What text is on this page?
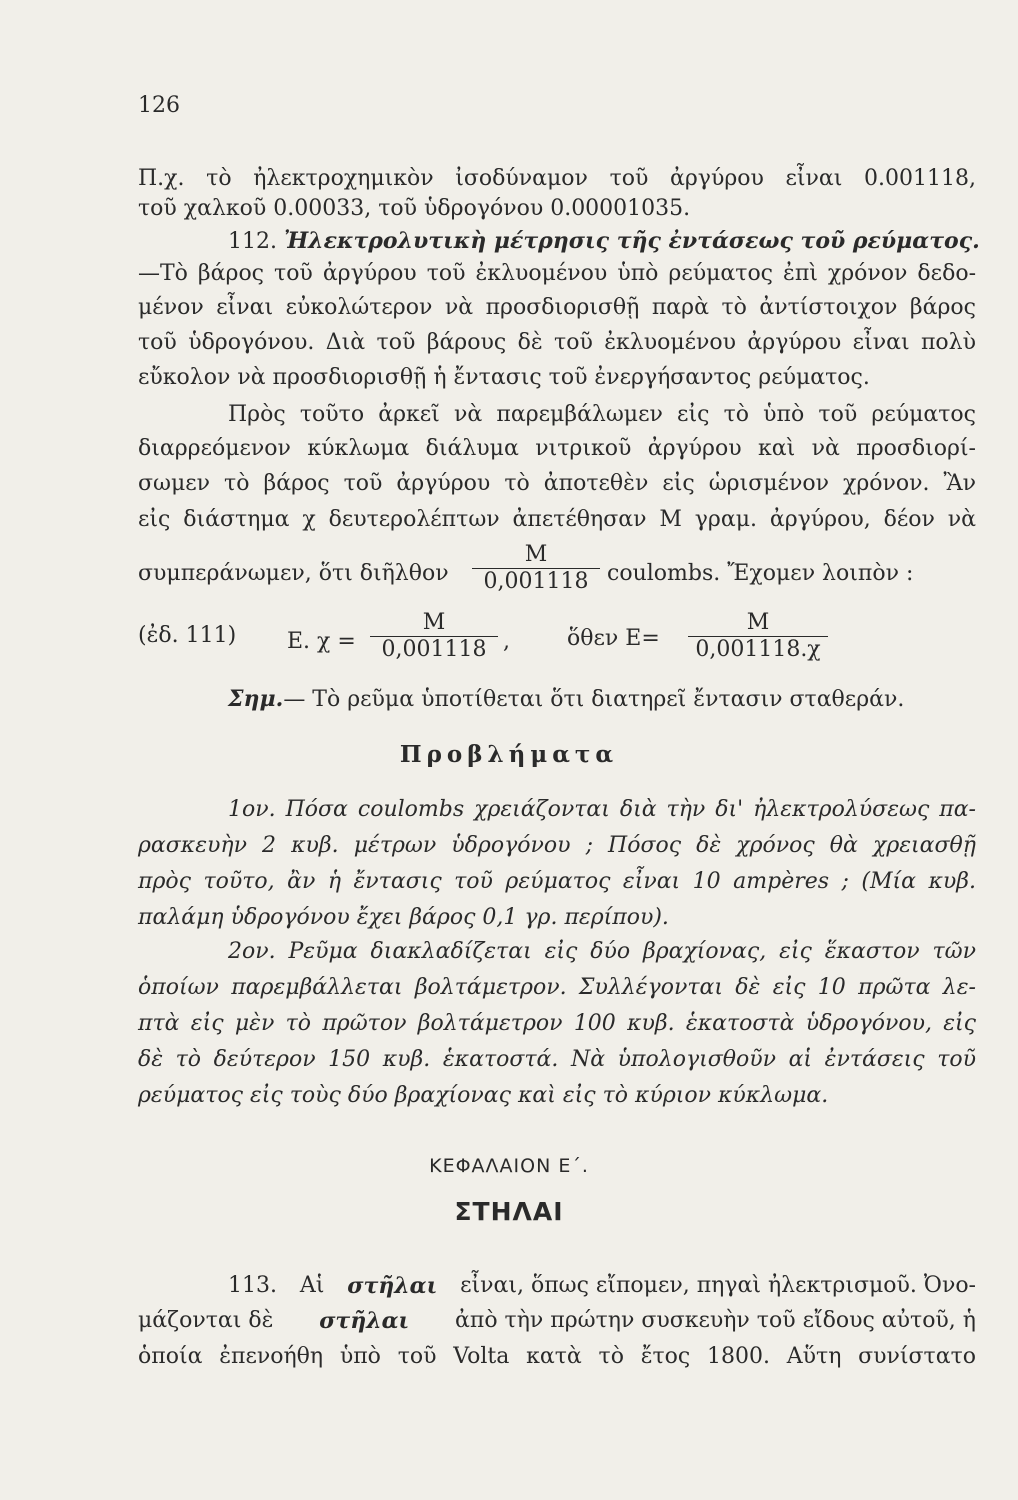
126
Π.χ. τὸ ἠλεκτροχημικὸν ἰσοδύναμον τοῦ ἀργύρου εἶναι 0.001118,
τοῦ χαλκοῦ 0.00033, τοῦ ὑδρογόνου 0.00001035.
112. Ἠλεκτρολυτικὴ μέτρησις τῆς ἐντάσεως τοῦ ρεύματος.
—Τὸ βάρος τοῦ ἀργύρου τοῦ ἐκλυομένου ὑπὸ ρεύματος ἐπὶ χρόνον δεδο-
μένον εἶναι εὐκολώτερον νὰ προσδιορισθῇ παρὰ τὸ ἀντίστοιχον βάρος
τοῦ ὑδρογόνου. Διὰ τοῦ βάρους δὲ τοῦ ἐκλυομένου ἀργύρου εἶναι πολὺ
εὔκολον νὰ προσδιορισθῇ ἡ ἔντασις τοῦ ἐνεργήσαντος ρεύματος.
Πρὸς τοῦτο ἀρκεῖ νὰ παρεμβάλωμεν εἰς τὸ ὑπὸ τοῦ ρεύματος
διαρρεόμενον κύκλωμα διάλυμα νιτρικοῦ ἀργύρου καὶ νὰ προσδιορί-
σωμεν τὸ βάρος τοῦ ἀργύρου τὸ ἀποτεθὲν εἰς ὡρισμένον χρόνον. Ἂν
εἰς διάστημα χ δευτερολέπτων ἀπετέθησαν Μ γραμ. ἀργύρου, δέον νὰ
συμπεράνωμεν, ὅτι διῆλθον $\frac{M}{0,001118}$ coulombs. Ἔχομεν λοιπὸν :
(ἐδ. 111) E. $\chi = \frac{M}{0,001118}$ ,	ὅθεν $E= \frac{M}{0,001118.\chi}$
Σημ.— Τὸ ρεῦμα ὑποτίθεται ὅτι διατηρεῖ ἔντασιν σταθεράν.
Προβλήματα
1ον. Πόσα coulombs χρειάζονται διὰ τὴν δι' ἠλεκτρολύσεως πα-
ρασκευὴν 2 κυβ. μέτρων ὑδρογόνου ; Πόσος δὲ χρόνος θὰ χρειασθῇ
πρὸς τοῦτο, ἂν ἡ ἔντασις τοῦ ρεύματος εἶναι 10 ampères ; (Μία κυβ.
παλάμη ὑδρογόνου ἔχει βάρος 0,1 γρ. περίπου).
2ον. Ρεῦμα διακλαδίζεται εἰς δύο βραχίονας, εἰς ἕκαστον τῶν
ὁποίων παρεμβάλλεται βολτάμετρον. Συλλέγονται δὲ εἰς 10 πρῶτα λε-
πτὰ εἰς μὲν τὸ πρῶτον βολτάμετρον 100 κυβ. ἑκατοστὰ ὑδρογόνου, εἰς
δὲ τὸ δεύτερον 150 κυβ. ἑκατοστά. Νὰ ὑπολογισθοῦν αἱ ἐντάσεις τοῦ
ρεύματος εἰς τοὺς δύο βραχίονας καὶ εἰς τὸ κύριον κύκλωμα.
ΚΕΦΑΛΑΙΟΝ Ε΄.
ΣΤΗΛΑΙ
113. Αἱ στῆλαι εἶναι, ὅπως εἴπομεν, πηγαὶ ἠλεκτρισμοῦ. Ὀνο-
μάζονται δὲ στῆλαι ἀπὸ τὴν πρώτην συσκευὴν τοῦ εἴδους αὐτοῦ, ἡ
ὁποία ἐπενοήθη ὑπὸ τοῦ Volta κατὰ τὸ ἔτος 1800. Αὕτη συνίστατο
